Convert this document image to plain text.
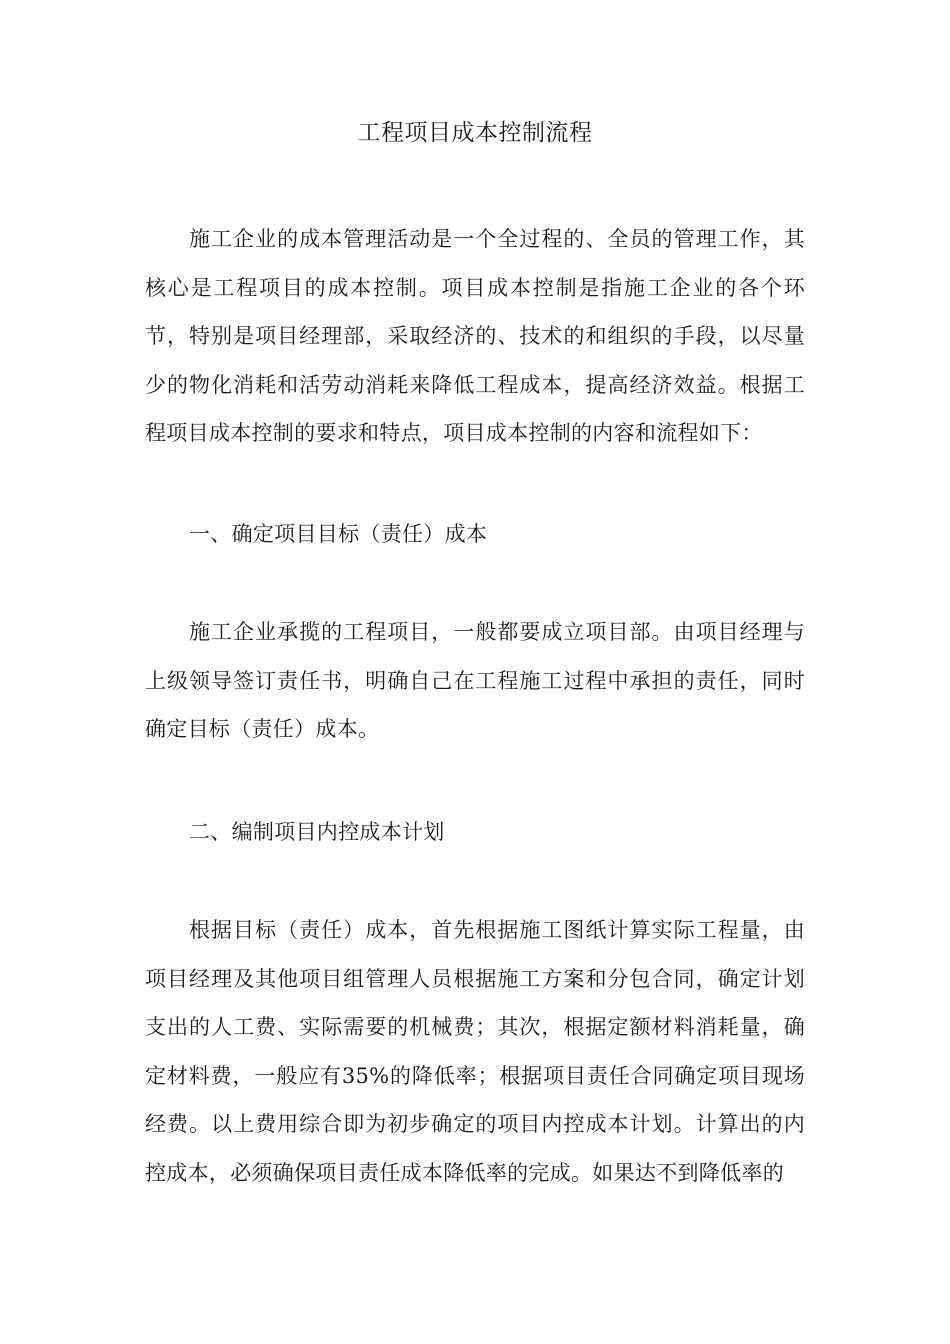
工程项目成本控制流程

施工企业的成本管理活动是一个全过程的、全员的管理工作，其核心是工程项目的成本控制。项目成本控制是指施工企业的各个环节，特别是项目经理部，采取经济的、技术的和组织的手段，以尽量少的物化消耗和活劳动消耗来降低工程成本，提高经济效益。根据工程项目成本控制的要求和特点，项目成本控制的内容和流程如下：

一、确定项目目标（责任）成本

施工企业承揽的工程项目，一般都要成立项目部。由项目经理与上级领导签订责任书，明确自己在工程施工过程中承担的责任，同时确定目标（责任）成本。

二、编制项目内控成本计划

根据目标（责任）成本，首先根据施工图纸计算实际工程量，由项目经理及其他项目组管理人员根据施工方案和分包合同，确定计划支出的人工费、实际需要的机械费；其次，根据定额材料消耗量，确定材料费，一般应有35%的降低率；根据项目责任合同确定项目现场经费。以上费用综合即为初步确定的项目内控成本计划。计算出的内控成本，必须确保项目责任成本降低率的完成。如果达不到降低率的
